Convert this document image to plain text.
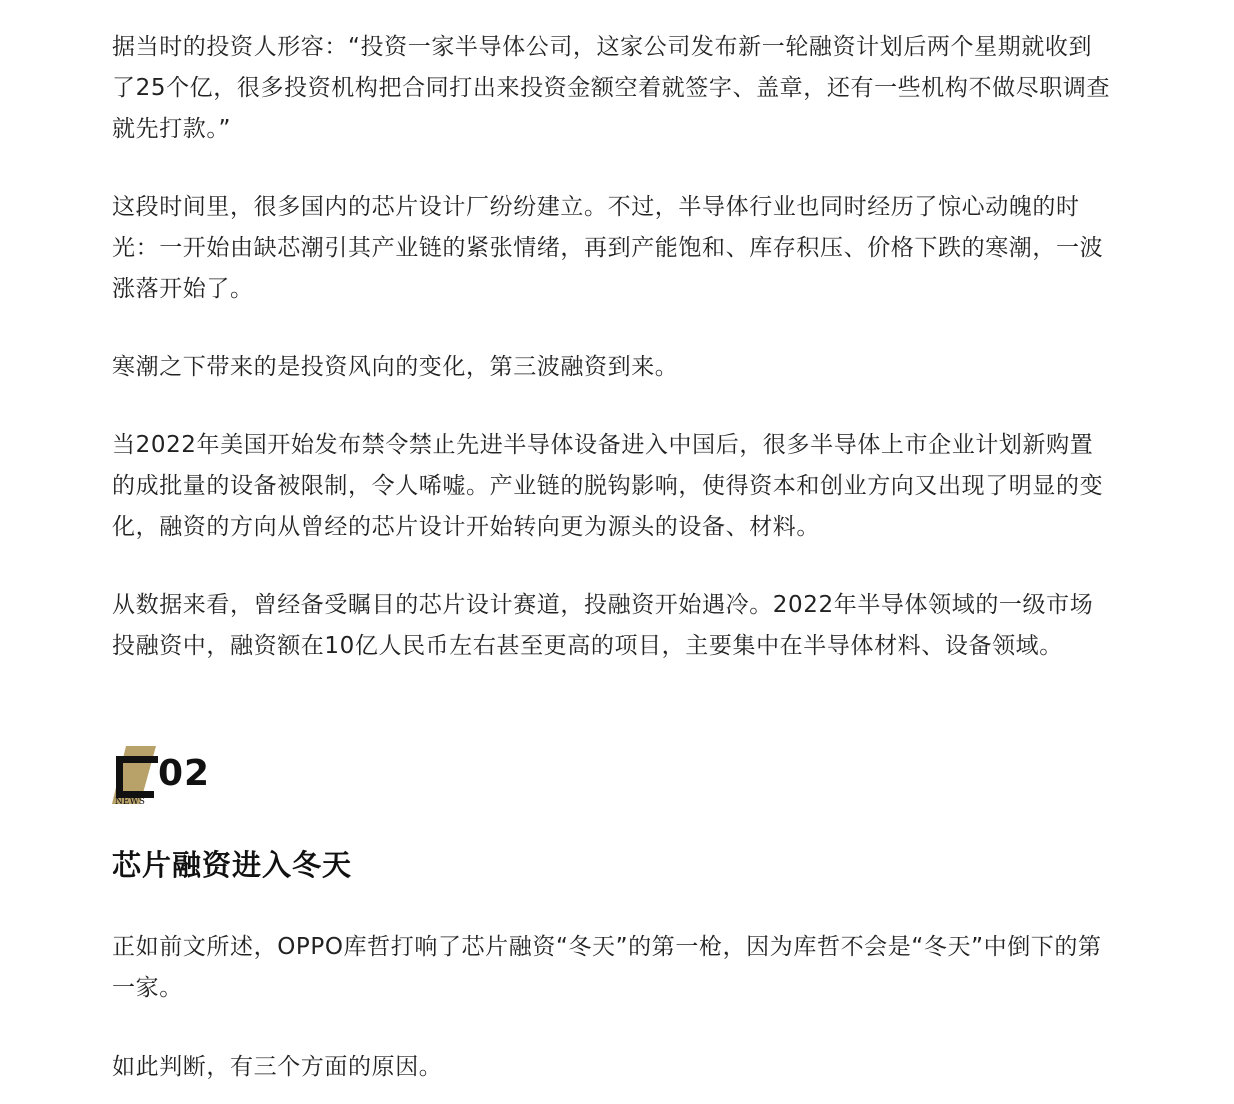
据当时的投资人形容：“投资一家半导体公司，这家公司发布新一轮融资计划后两个星期就收到了25个亿，很多投资机构把合同打出来投资金额空着就签字、盖章，还有一些机构不做尽职调查就先打款。”

这段时间里，很多国内的芯片设计厂纷纷建立。不过，半导体行业也同时经历了惊心动魄的时光：一开始由缺芯潮引其产业链的紧张情绪，再到产能饱和、库存积压、价格下跌的寒潮，一波涨落开始了。

寒潮之下带来的是投资风向的变化，第三波融资到来。

当2022年美国开始发布禁令禁止先进半导体设备进入中国后，很多半导体上市企业计划新购置的成批量的设备被限制，令人唏嘘。产业链的脱钩影响，使得资本和创业方向又出现了明显的变化，融资的方向从曾经的芯片设计开始转向更为源头的设备、材料。

从数据来看，曾经备受瞩目的芯片设计赛道，投融资开始遇冷。2022年半导体领域的一级市场投融资中，融资额在10亿人民币左右甚至更高的项目，主要集中在半导体材料、设备领域。

NEWS
02
芯片融资进入冬天

正如前文所述，OPPO库哲打响了芯片融资“冬天”的第一枪，因为库哲不会是“冬天”中倒下的第一家。

如此判断，有三个方面的原因。
